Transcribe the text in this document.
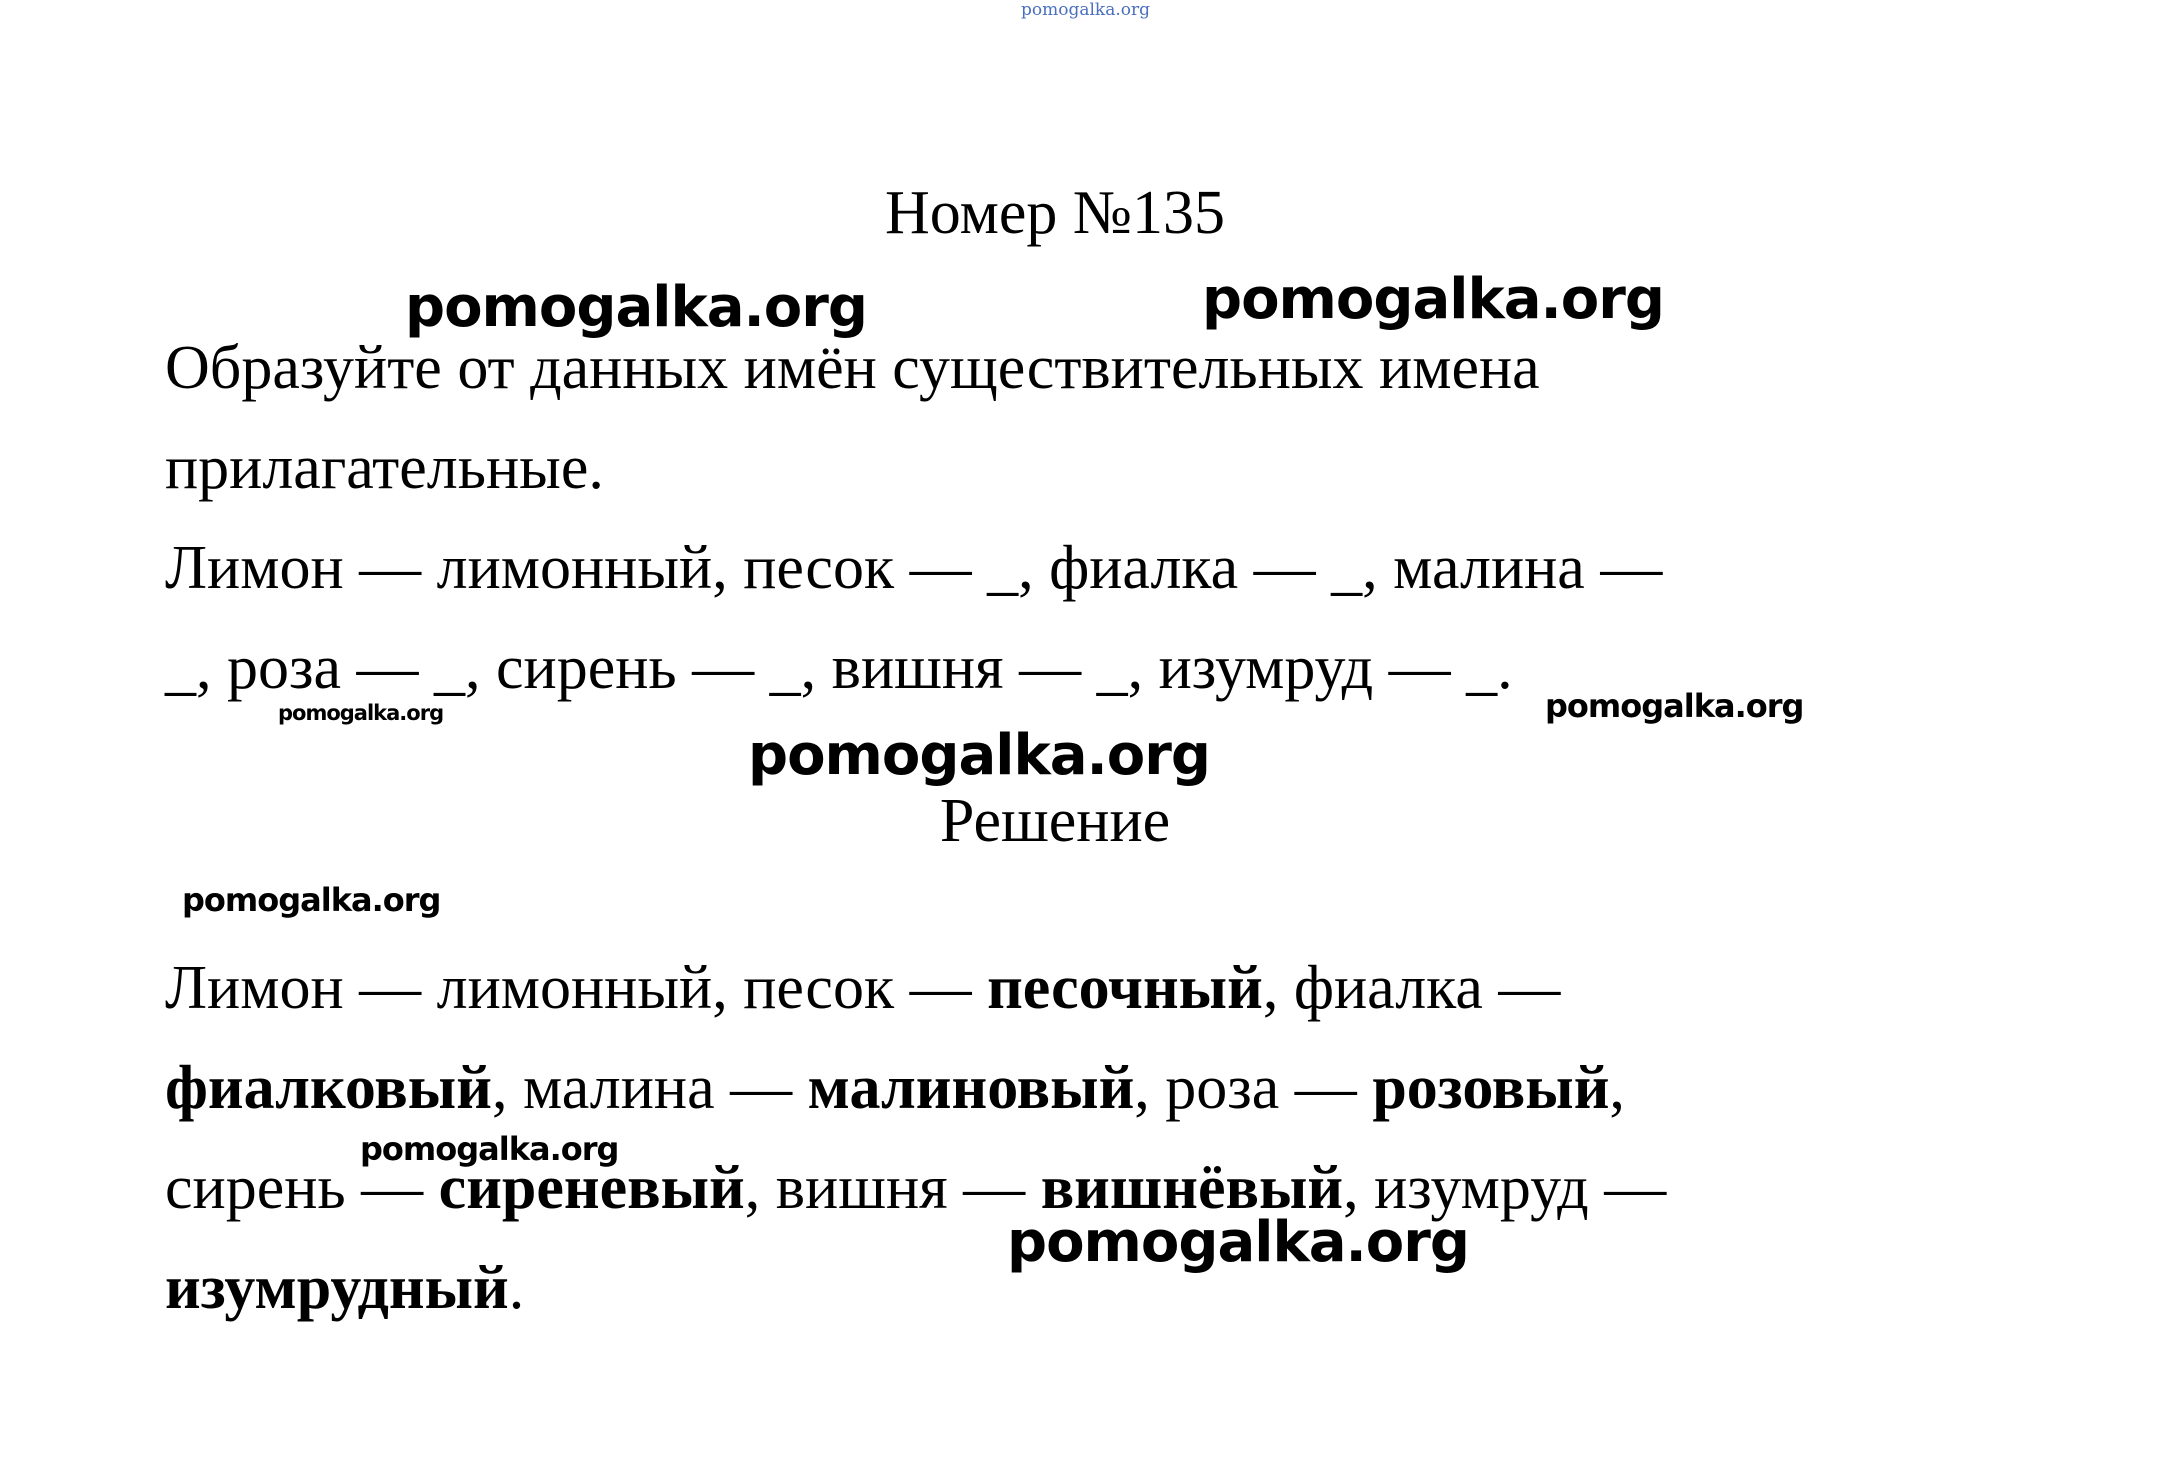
pomogalka.org
Номер №135
Образуйте от данных имён существительных имена
прилагательные.
Лимон — лимонный, песок — _, фиалка — _, малина —
_, роза — _, сирень — _, вишня — _, изумруд — _.
Решение
Лимон — лимонный, песок — песочный, фиалка —
фиалковый, малина — малиновый, роза — розовый,
сирень — сиреневый, вишня — вишнёвый, изумруд —
изумрудный.
pomogalka.org	pomogalka.org
pomogalka.org	pomogalka.org
pomogalka.org
pomogalka.org
pomogalka.org
pomogalka.org
